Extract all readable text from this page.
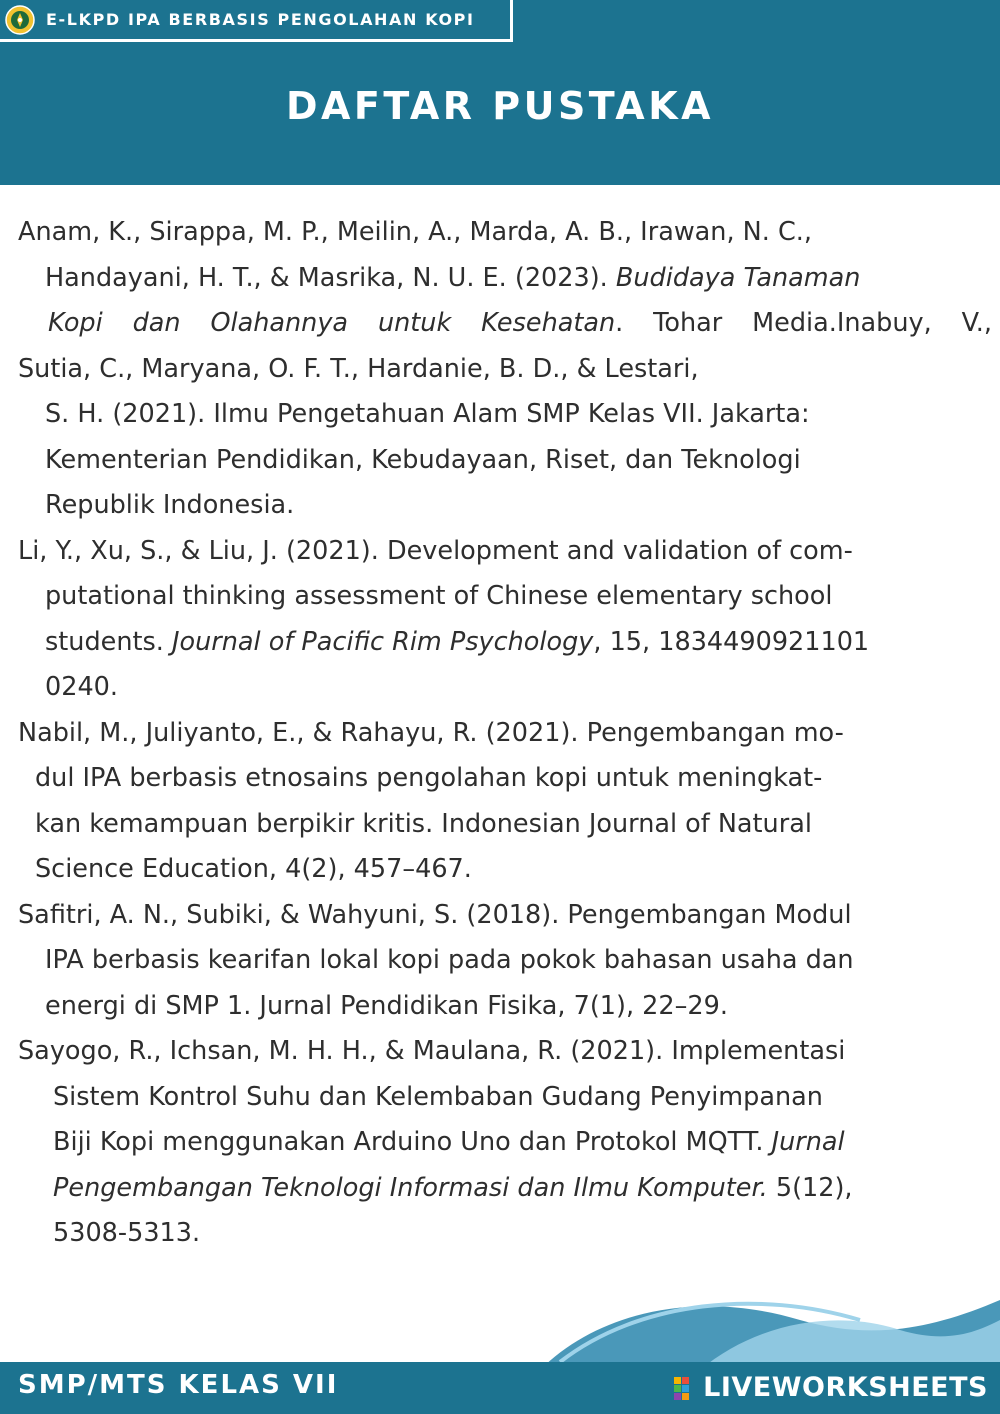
E-LKPD IPA BERBASIS PENGOLAHAN KOPI
DAFTAR PUSTAKA
Anam, K., Sirappa, M. P., Meilin, A., Marda, A. B., Irawan, N. C.,
Handayani, H. T., & Masrika, N. U. E. (2023). Budidaya Tanaman
Kopi dan Olahannya untuk Kesehatan. Tohar Media.Inabuy, V.,
Sutia, C., Maryana, O. F. T., Hardanie, B. D., & Lestari,
S. H. (2021). Ilmu Pengetahuan Alam SMP Kelas VII. Jakarta:
Kementerian Pendidikan, Kebudayaan, Riset, dan Teknologi
Republik Indonesia.
Li, Y., Xu, S., & Liu, J. (2021). Development and validation of com-
putational thinking assessment of Chinese elementary school
students. Journal of Pacific Rim Psychology, 15, 1834490921101
0240.
Nabil, M., Juliyanto, E., & Rahayu, R. (2021). Pengembangan mo-
dul IPA berbasis etnosains pengolahan kopi untuk meningkat-
kan kemampuan berpikir kritis. Indonesian Journal of Natural
Science Education, 4(2), 457–467.
Safitri, A. N., Subiki, & Wahyuni, S. (2018). Pengembangan Modul
IPA berbasis kearifan lokal kopi pada pokok bahasan usaha dan
energi di SMP 1. Jurnal Pendidikan Fisika, 7(1), 22–29.
Sayogo, R., Ichsan, M. H. H., & Maulana, R. (2021). Implementasi
Sistem Kontrol Suhu dan Kelembaban Gudang Penyimpanan
Biji Kopi menggunakan Arduino Uno dan Protokol MQTT. Jurnal
Pengembangan Teknologi Informasi dan Ilmu Komputer. 5(12),
5308-5313.
SMP/MTS KELAS VII	LIVEWORKSHEETS
